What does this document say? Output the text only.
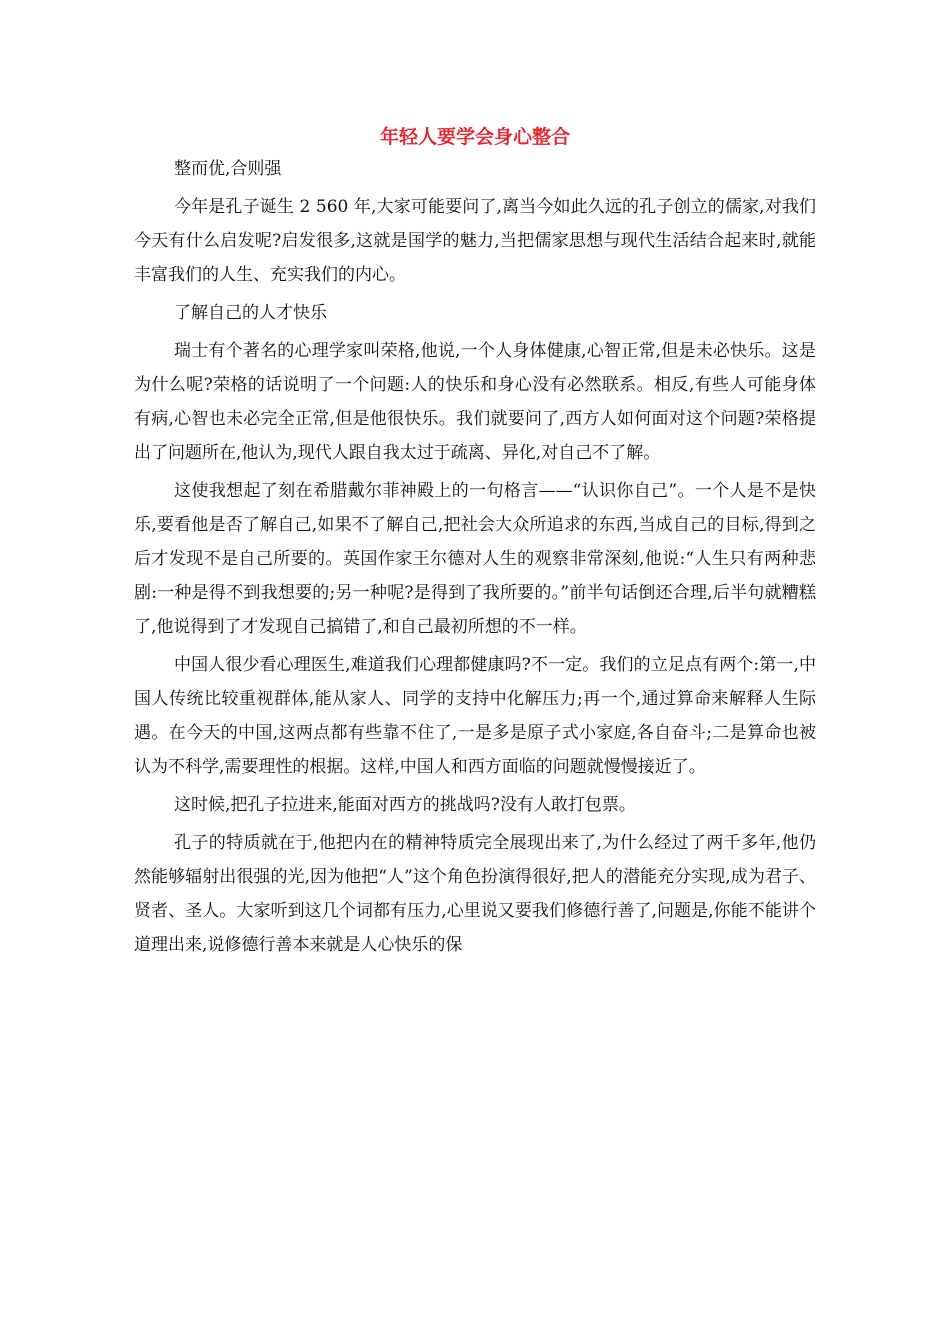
年轻人要学会身心整合

整而优,合则强

今年是孔子诞生 2 560 年,大家可能要问了,离当今如此久远的孔子创立的儒家,对我们今天有什么启发呢?启发很多,这就是国学的魅力,当把儒家思想与现代生活结合起来时,就能丰富我们的人生、充实我们的内心。

了解自己的人才快乐

瑞士有个著名的心理学家叫荣格,他说,一个人身体健康,心智正常,但是未必快乐。这是为什么呢?荣格的话说明了一个问题:人的快乐和身心没有必然联系。相反,有些人可能身体有病,心智也未必完全正常,但是他很快乐。我们就要问了,西方人如何面对这个问题?荣格提出了问题所在,他认为,现代人跟自我太过于疏离、异化,对自己不了解。

这使我想起了刻在希腊戴尔菲神殿上的一句格言——“认识你自己”。一个人是不是快乐,要看他是否了解自己,如果不了解自己,把社会大众所追求的东西,当成自己的目标,得到之后才发现不是自己所要的。英国作家王尔德对人生的观察非常深刻,他说:“人生只有两种悲剧:一种是得不到我想要的;另一种呢?是得到了我所要的。”前半句话倒还合理,后半句就糟糕了,他说得到了才发现自己搞错了,和自己最初所想的不一样。

中国人很少看心理医生,难道我们心理都健康吗?不一定。我们的立足点有两个:第一,中国人传统比较重视群体,能从家人、同学的支持中化解压力;再一个,通过算命来解释人生际遇。在今天的中国,这两点都有些靠不住了,一是多是原子式小家庭,各自奋斗;二是算命也被认为不科学,需要理性的根据。这样,中国人和西方面临的问题就慢慢接近了。

这时候,把孔子拉进来,能面对西方的挑战吗?没有人敢打包票。

孔子的特质就在于,他把内在的精神特质完全展现出来了,为什么经过了两千多年,他仍然能够辐射出很强的光,因为他把“人”这个角色扮演得很好,把人的潜能充分实现,成为君子、贤者、圣人。大家听到这几个词都有压力,心里说又要我们修德行善了,问题是,你能不能讲个道理出来,说修德行善本来就是人心快乐的保
